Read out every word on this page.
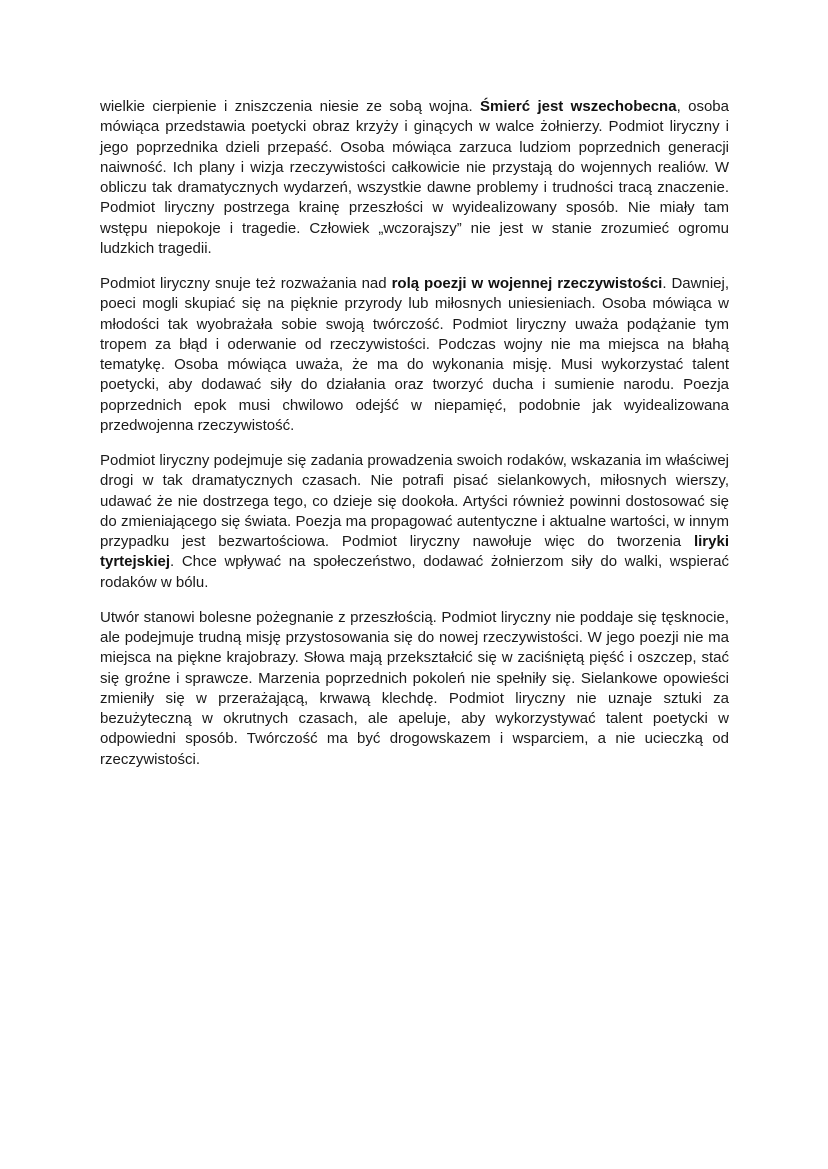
wielkie cierpienie i zniszczenia niesie ze sobą wojna. Śmierć jest wszechobecna, osoba mówiąca przedstawia poetycki obraz krzyży i ginących w walce żołnierzy. Podmiot liryczny i jego poprzednika dzieli przepaść. Osoba mówiąca zarzuca ludziom poprzednich generacji naiwność. Ich plany i wizja rzeczywistości całkowicie nie przystają do wojennych realiów. W obliczu tak dramatycznych wydarzeń, wszystkie dawne problemy i trudności tracą znaczenie. Podmiot liryczny postrzega krainę przeszłości w wyidealizowany sposób. Nie miały tam wstępu niepokoje i tragedie. Człowiek „wczorajszy” nie jest w stanie zrozumieć ogromu ludzkich tragedii.

Podmiot liryczny snuje też rozważania nad rolą poezji w wojennej rzeczywistości. Dawniej, poeci mogli skupiać się na pięknie przyrody lub miłosnych uniesieniach. Osoba mówiąca w młodości tak wyobrażała sobie swoją twórczość. Podmiot liryczny uważa podążanie tym tropem za błąd i oderwanie od rzeczywistości. Podczas wojny nie ma miejsca na błahą tematykę. Osoba mówiąca uważa, że ma do wykonania misję. Musi wykorzystać talent poetycki, aby dodawać siły do działania oraz tworzyć ducha i sumienie narodu. Poezja poprzednich epok musi chwilowo odejść w niepamięć, podobnie jak wyidealizowana przedwojenna rzeczywistość.

Podmiot liryczny podejmuje się zadania prowadzenia swoich rodaków, wskazania im właściwej drogi w tak dramatycznych czasach. Nie potrafi pisać sielankowych, miłosnych wierszy, udawać że nie dostrzega tego, co dzieje się dookoła. Artyści również powinni dostosować się do zmieniającego się świata. Poezja ma propagować autentyczne i aktualne wartości, w innym przypadku jest bezwartościowa. Podmiot liryczny nawołuje więc do tworzenia liryki tyrtejskiej. Chce wpływać na społeczeństwo, dodawać żołnierzom siły do walki, wspierać rodaków w bólu.

Utwór stanowi bolesne pożegnanie z przeszłością. Podmiot liryczny nie poddaje się tęsknocie, ale podejmuje trudną misję przystosowania się do nowej rzeczywistości. W jego poezji nie ma miejsca na piękne krajobrazy. Słowa mają przekształcić się w zaciśniętą pięść i oszczep, stać się groźne i sprawcze. Marzenia poprzednich pokoleń nie spełniły się. Sielankowe opowieści zmieniły się w przerażającą, krwawą klechdę. Podmiot liryczny nie uznaje sztuki za bezużyteczną w okrutnych czasach, ale apeluje, aby wykorzystywać talent poetycki w odpowiedni sposób. Twórczość ma być drogowskazem i wsparciem, a nie ucieczką od rzeczywistości.
